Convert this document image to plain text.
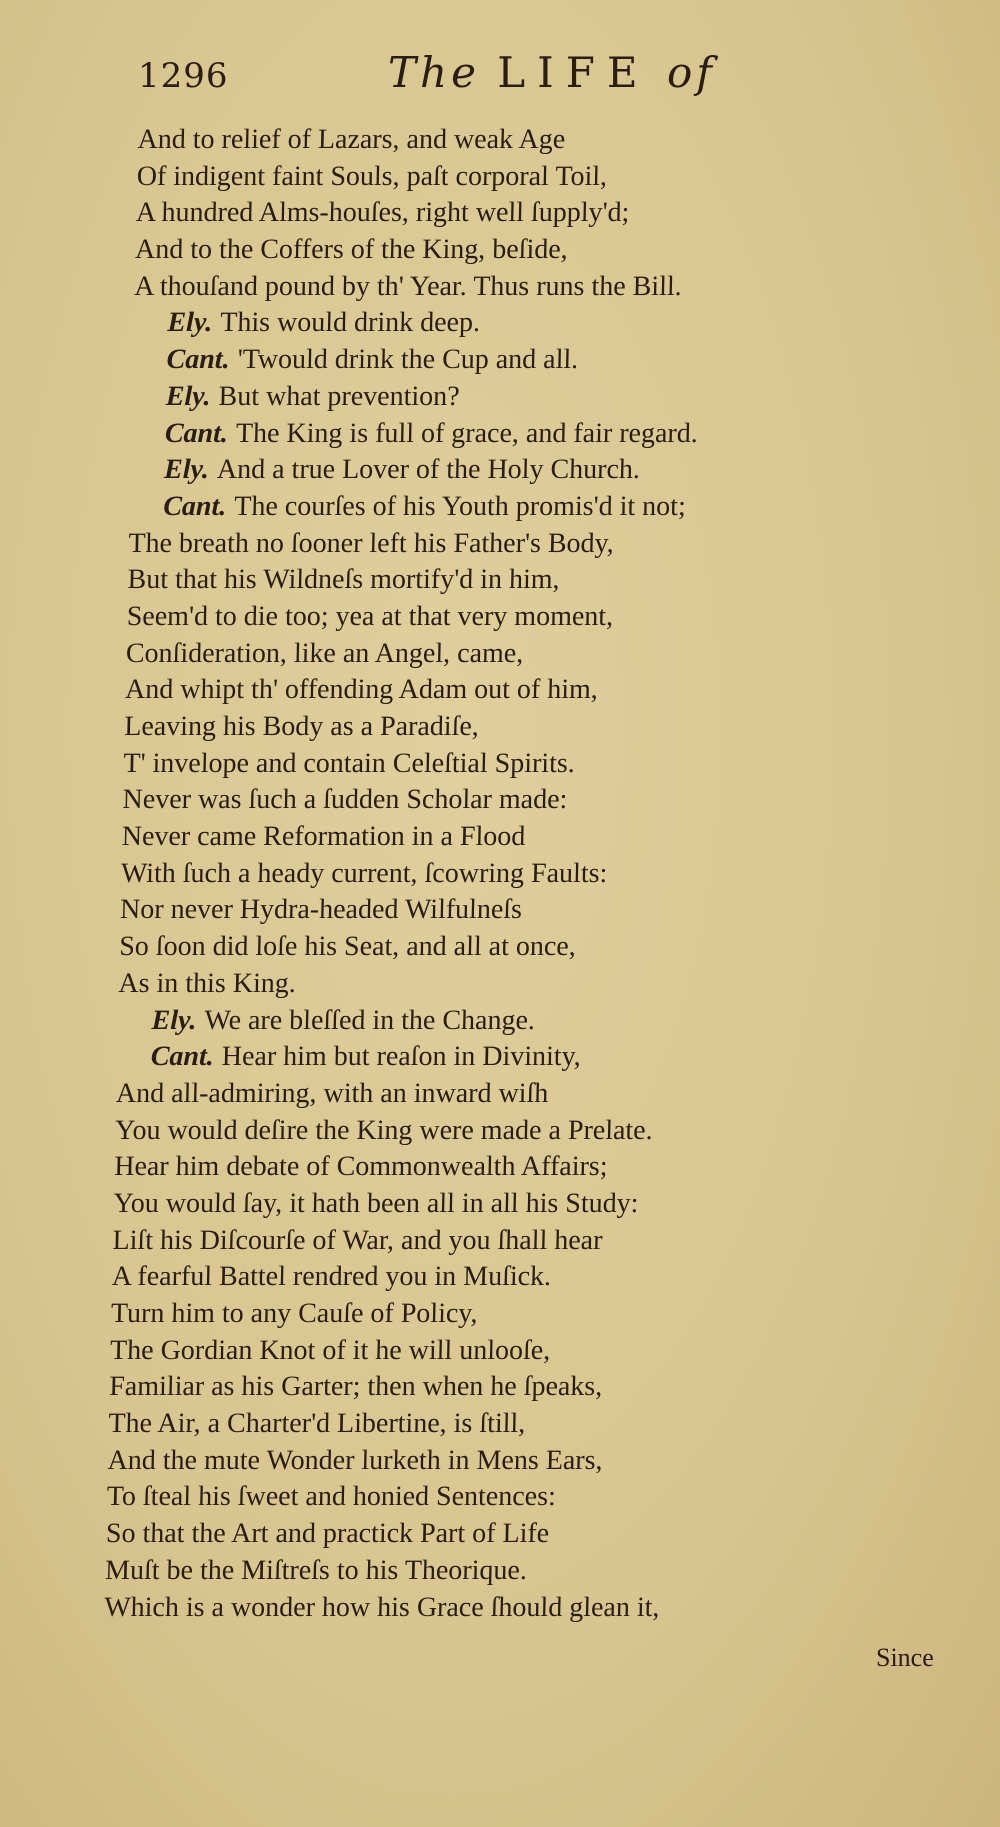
1296	The LIFE of
And to relief of Lazars, and weak Age
Of indigent faint Souls, paſt corporal Toil,
A hundred Alms-houſes, right well ſupply'd;
And to the Coffers of the King, beſide,
A thouſand pound by th' Year. Thus runs the Bill.
Ely. This would drink deep.
Cant. 'Twould drink the Cup and all.
Ely. But what prevention?
Cant. The King is full of grace, and fair regard.
Ely. And a true Lover of the Holy Church.
Cant. The courſes of his Youth promis'd it not;
The breath no ſooner left his Father's Body,
But that his Wildneſs mortify'd in him,
Seem'd to die too; yea at that very moment,
Conſideration, like an Angel, came,
And whipt th' offending Adam out of him,
Leaving his Body as a Paradiſe,
T' invelope and contain Celeſtial Spirits.
Never was ſuch a ſudden Scholar made:
Never came Reformation in a Flood
With ſuch a heady current, ſcowring Faults:
Nor never Hydra-headed Wilfulneſs
So ſoon did loſe his Seat, and all at once,
As in this King.
Ely. We are bleſſed in the Change.
Cant. Hear him but reaſon in Divinity,
And all-admiring, with an inward wiſh
You would deſire the King were made a Prelate.
Hear him debate of Commonwealth Affairs;
You would ſay, it hath been all in all his Study:
Liſt his Diſcourſe of War, and you ſhall hear
A fearful Battel rendred you in Muſick.
Turn him to any Cauſe of Policy,
The Gordian Knot of it he will unlooſe,
Familiar as his Garter; then when he ſpeaks,
The Air, a Charter'd Libertine, is ſtill,
And the mute Wonder lurketh in Mens Ears,
To ſteal his ſweet and honied Sentences:
So that the Art and practick Part of Life
Muſt be the Miſtreſs to his Theorique.
Which is a wonder how his Grace ſhould glean it,
Since
